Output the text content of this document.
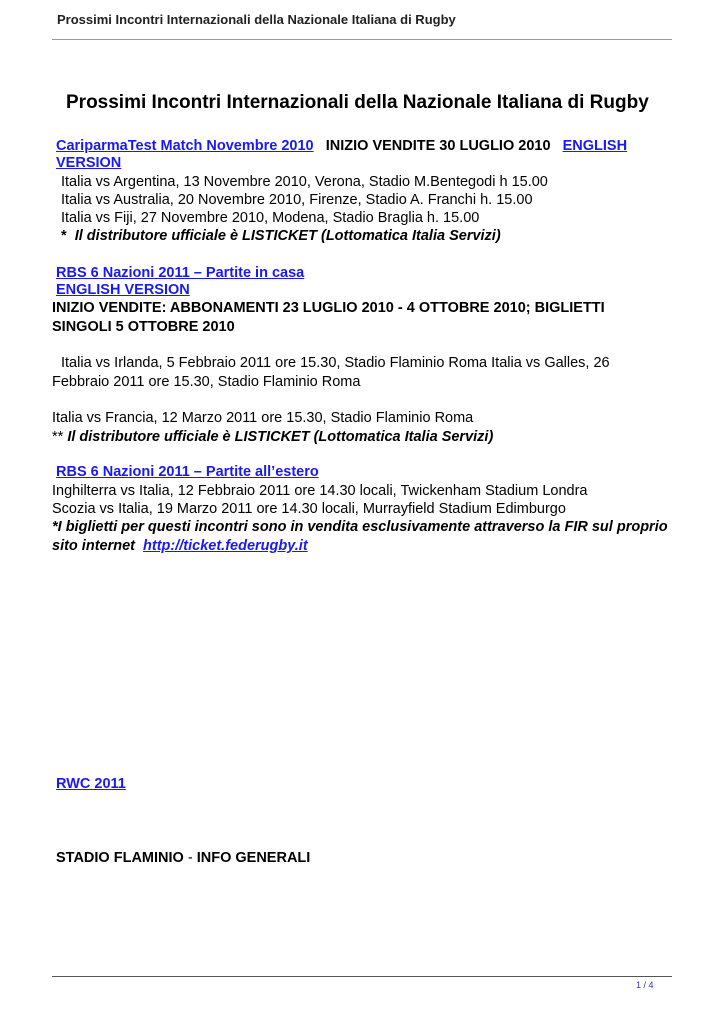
Prossimi Incontri Internazionali della Nazionale Italiana di Rugby
Prossimi Incontri Internazionali della Nazionale Italiana di Rugby
CariparmaTest Match Novembre 2010 INIZIO VENDITE 30 LUGLIO 2010 ENGLISH
VERSION
Italia vs Argentina, 13 Novembre 2010, Verona, Stadio M.Bentegodi h 15.00
Italia vs Australia, 20 Novembre 2010, Firenze, Stadio A. Franchi h. 15.00
Italia vs Fiji, 27 Novembre 2010, Modena, Stadio Braglia h. 15.00
* Il distributore ufficiale è LISTICKET (Lottomatica Italia Servizi)
RBS 6 Nazioni 2011 – Partite in casa
ENGLISH VERSION
INIZIO VENDITE: ABBONAMENTI 23 LUGLIO 2010 - 4 OTTOBRE 2010; BIGLIETTI
SINGOLI 5 OTTOBRE 2010
Italia vs Irlanda, 5 Febbraio 2011 ore 15.30, Stadio Flaminio Roma Italia vs Galles, 26
Febbraio 2011 ore 15.30, Stadio Flaminio Roma
Italia vs Francia, 12 Marzo 2011 ore 15.30, Stadio Flaminio Roma
** Il distributore ufficiale è LISTICKET (Lottomatica Italia Servizi)
RBS 6 Nazioni 2011 – Partite all’estero
Inghilterra vs Italia, 12 Febbraio 2011 ore 14.30 locali, Twickenham Stadium Londra
Scozia vs Italia, 19 Marzo 2011 ore 14.30 locali, Murrayfield Stadium Edimburgo
*I biglietti per questi incontri sono in vendita esclusivamente attraverso la FIR sul proprio
sito internet http://ticket.federugby.it
RWC 2011
STADIO FLAMINIO - INFO GENERALI
1 / 4
